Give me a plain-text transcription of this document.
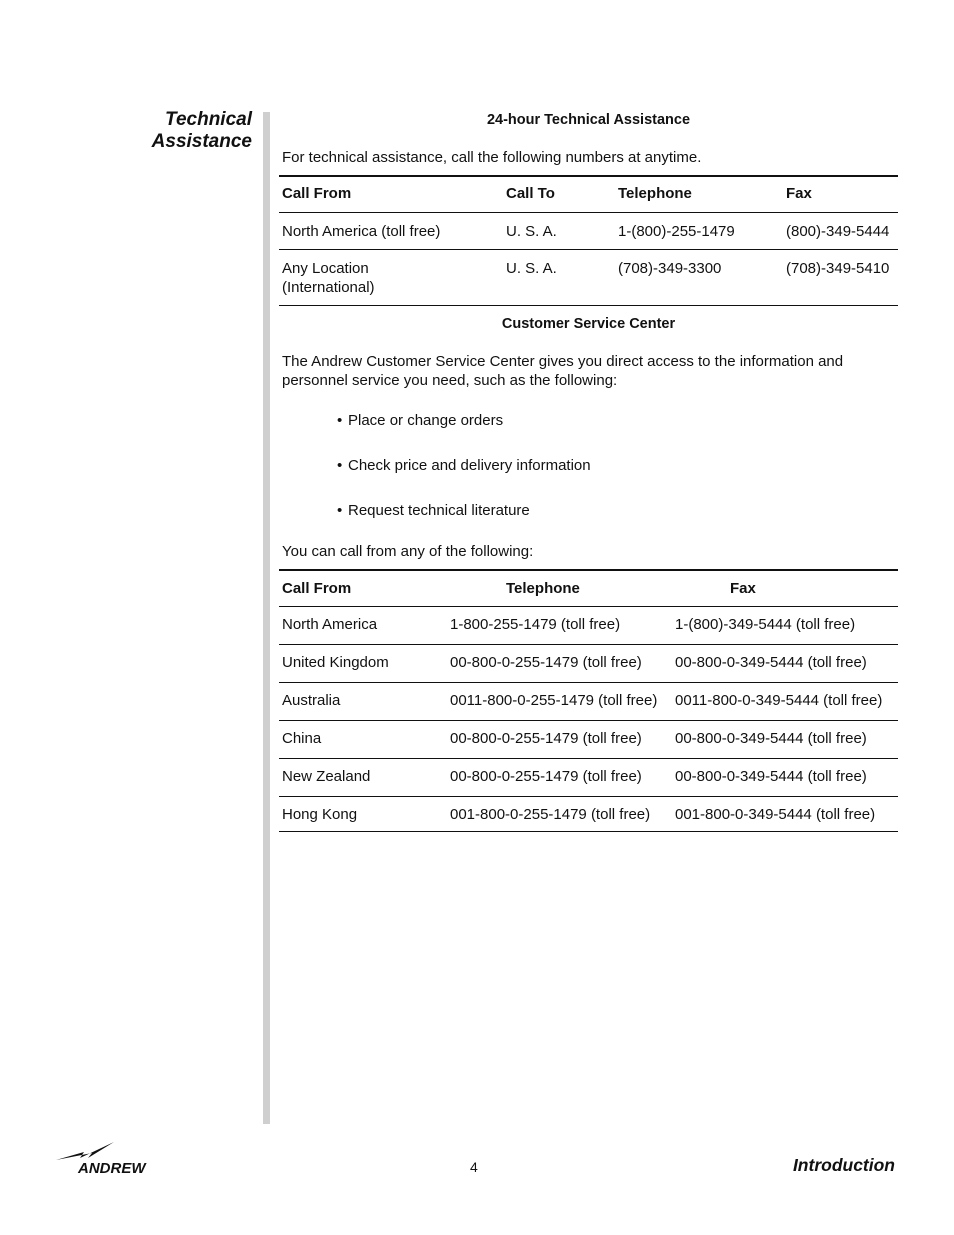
Technical
Assistance
24-hour Technical Assistance
For technical assistance, call the following numbers at anytime.
Call From	Call To	Telephone	Fax
North America (toll free)	U. S. A.	1-(800)-255-1479	(800)-349-5444
Any Location (International)	U. S. A.	(708)-349-3300	(708)-349-5410
Customer Service Center
The Andrew Customer Service Center gives you direct access to the information and personnel service you need, such as the following:
• Place or change orders
• Check price and delivery information
• Request technical literature
You can call from any of the following:
Call From	Telephone	Fax
North America	1-800-255-1479 (toll free)	1-(800)-349-5444 (toll free)
United Kingdom	00-800-0-255-1479 (toll free)	00-800-0-349-5444 (toll free)
Australia	0011-800-0-255-1479 (toll free)	0011-800-0-349-5444 (toll free)
China	00-800-0-255-1479 (toll free)	00-800-0-349-5444 (toll free)
New Zealand	00-800-0-255-1479 (toll free)	00-800-0-349-5444 (toll free)
Hong Kong	001-800-0-255-1479 (toll free)	001-800-0-349-5444 (toll free)
ANDREW	4	Introduction
